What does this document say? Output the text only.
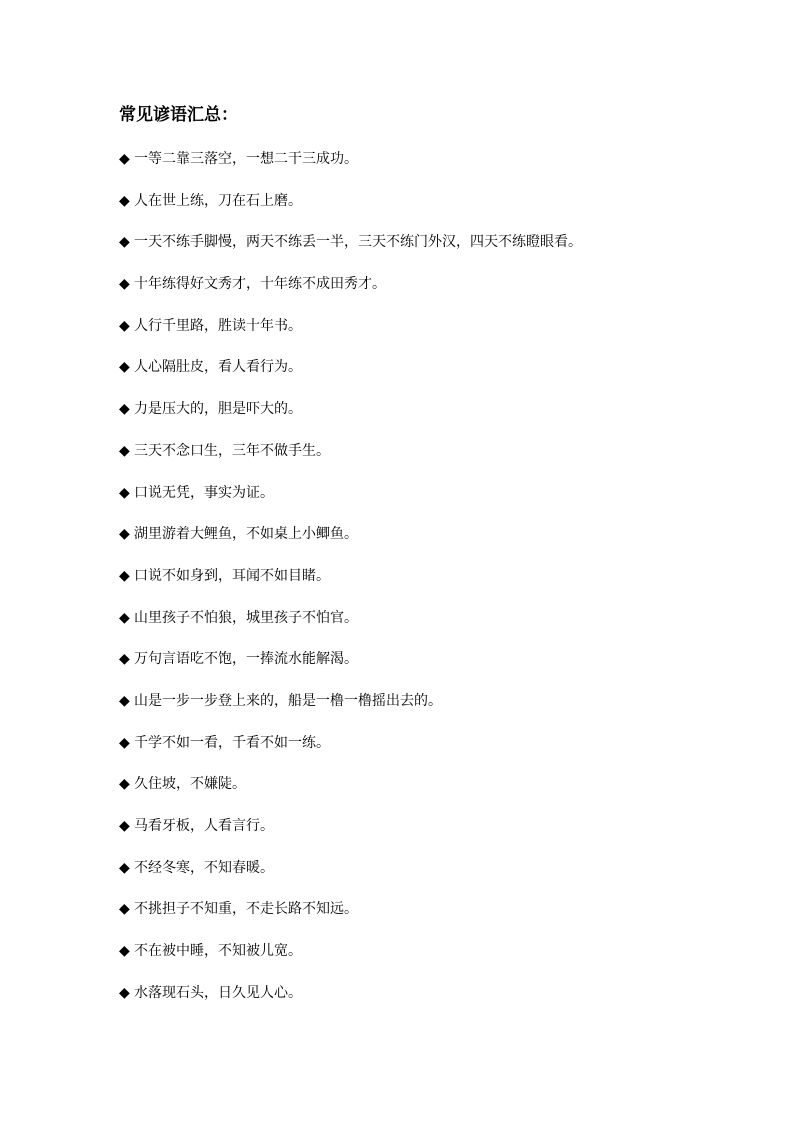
常见谚语汇总：
◆ 一等二靠三落空，一想二干三成功。
◆ 人在世上练，刀在石上磨。
◆ 一天不练手脚慢，两天不练丢一半，三天不练门外汉，四天不练瞪眼看。
◆ 十年练得好文秀才，十年练不成田秀才。
◆ 人行千里路，胜读十年书。
◆ 人心隔肚皮，看人看行为。
◆ 力是压大的，胆是吓大的。
◆ 三天不念口生，三年不做手生。
◆ 口说无凭，事实为证。
◆ 湖里游着大鲤鱼，不如桌上小鲫鱼。
◆ 口说不如身到，耳闻不如目睹。
◆ 山里孩子不怕狼，城里孩子不怕官。
◆ 万句言语吃不饱，一捧流水能解渴。
◆ 山是一步一步登上来的，船是一橹一橹摇出去的。
◆ 千学不如一看，千看不如一练。
◆ 久住坡，不嫌陡。
◆ 马看牙板，人看言行。
◆ 不经冬寒，不知春暖。
◆ 不挑担子不知重，不走长路不知远。
◆ 不在被中睡，不知被儿宽。
◆ 水落现石头，日久见人心。
